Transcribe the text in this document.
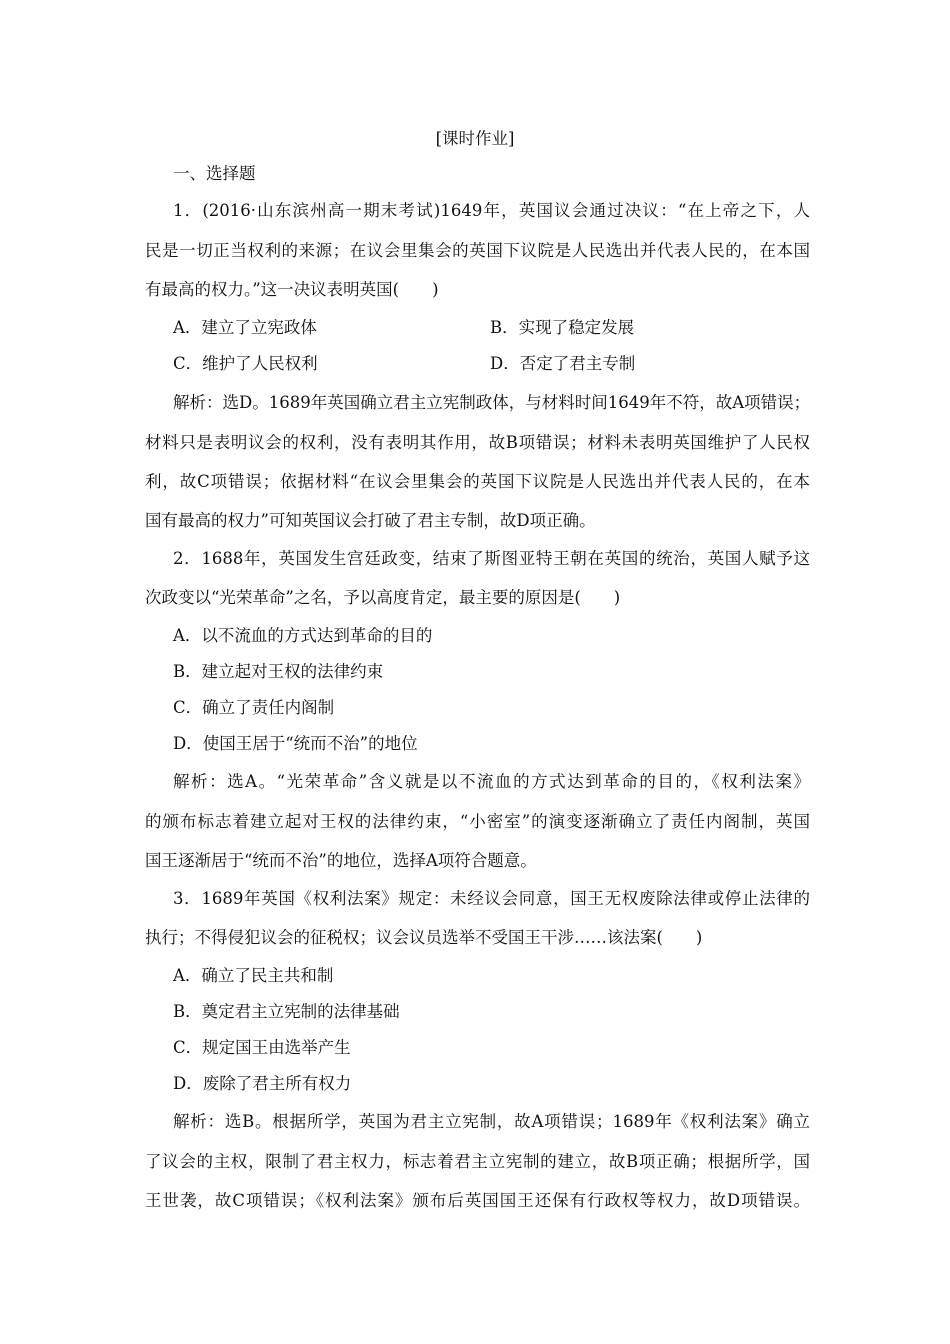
[课时作业]
一、选择题
1．(2016·山东滨州高一期末考试)1649年，英国议会通过决议：“在上帝之下，人
民是一切正当权利的来源；在议会里集会的英国下议院是人民选出并代表人民的，在本国
有最高的权力。”这一决议表明英国(　　)
A．建立了立宪政体	B．实现了稳定发展
C．维护了人民权利	D．否定了君主专制
解析：选D。1689年英国确立君主立宪制政体，与材料时间1649年不符，故A项错误；
材料只是表明议会的权利，没有表明其作用，故B项错误；材料未表明英国维护了人民权
利，故C项错误；依据材料“在议会里集会的英国下议院是人民选出并代表人民的，在本
国有最高的权力”可知英国议会打破了君主专制，故D项正确。
2．1688年，英国发生宫廷政变，结束了斯图亚特王朝在英国的统治，英国人赋予这
次政变以“光荣革命”之名，予以高度肯定，最主要的原因是(　　)
A．以不流血的方式达到革命的目的
B．建立起对王权的法律约束
C．确立了责任内阁制
D．使国王居于“统而不治”的地位
解析：选A。“光荣革命”含义就是以不流血的方式达到革命的目的，《权利法案》
的颁布标志着建立起对王权的法律约束，“小密室”的演变逐渐确立了责任内阁制，英国
国王逐渐居于“统而不治”的地位，选择A项符合题意。
3．1689年英国《权利法案》规定：未经议会同意，国王无权废除法律或停止法律的
执行；不得侵犯议会的征税权；议会议员选举不受国王干涉……该法案(　　)
A．确立了民主共和制
B．奠定君主立宪制的法律基础
C．规定国王由选举产生
D．废除了君主所有权力
解析：选B。根据所学，英国为君主立宪制，故A项错误；1689年《权利法案》确立
了议会的主权，限制了君主权力，标志着君主立宪制的建立，故B项正确；根据所学，国
王世袭，故C项错误；《权利法案》颁布后英国国王还保有行政权等权力，故D项错误。
